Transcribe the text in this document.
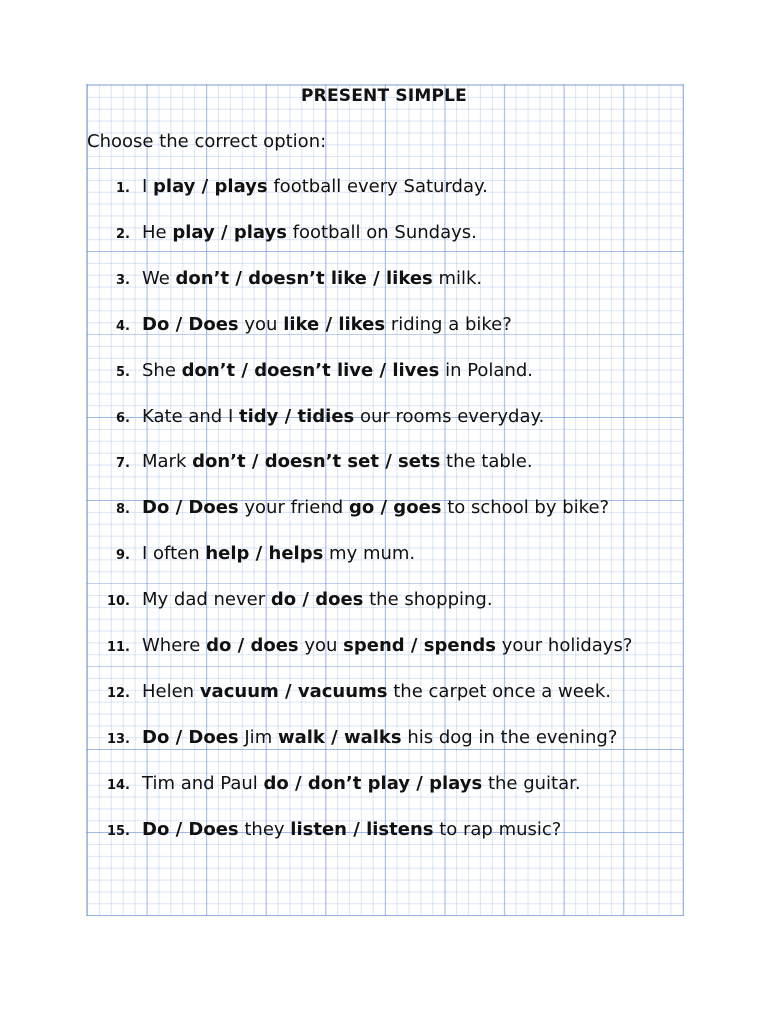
PRESENT SIMPLE
Choose the correct option:
1. I play / plays football every Saturday.
2. He play / plays football on Sundays.
3. We don’t / doesn’t like / likes milk.
4. Do / Does you like / likes riding a bike?
5. She don’t / doesn’t live / lives in Poland.
6. Kate and I tidy / tidies our rooms everyday.
7. Mark don’t / doesn’t set / sets the table.
8. Do / Does your friend go / goes to school by bike?
9. I often help / helps my mum.
10. My dad never do / does the shopping.
11. Where do / does you spend / spends your holidays?
12. Helen vacuum / vacuums the carpet once a week.
13. Do / Does Jim walk / walks his dog in the evening?
14. Tim and Paul do / don’t play / plays the guitar.
15. Do / Does they listen / listens to rap music?
